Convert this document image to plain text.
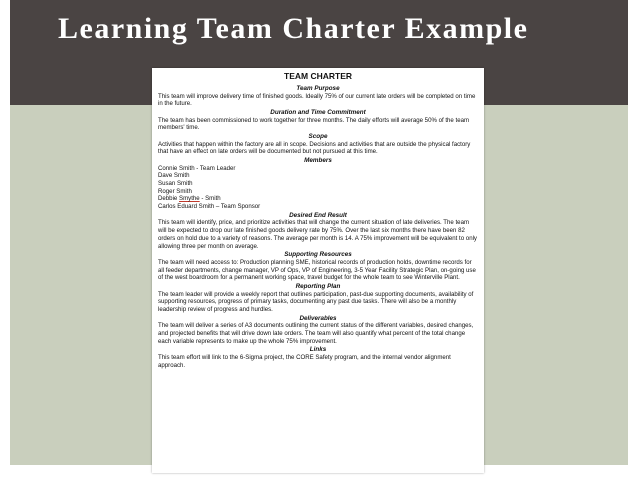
Learning Team Charter Example
TEAM CHARTER
Team Purpose
This team will improve delivery time of finished goods. Ideally 75% of our current late orders will be completed on time in the future.
Duration and Time Commitment
The team has been commissioned to work together for three months. The daily efforts will average 50% of the team members' time.
Scope
Activities that happen within the factory are all in scope. Decisions and activities that are outside the physical factory that have an effect on late orders will be documented but not pursued at this time.
Members
Connie Smith - Team Leader
Dave Smith
Susan Smith
Roger Smith
Debbie Smythe - Smith
Carlos Eduard Smith – Team Sponsor
Desired End Result
This team will identify, price, and prioritize activities that will change the current situation of late deliveries. The team will be expected to drop our late finished goods delivery rate by 75%. Over the last six months there have been 82 orders on hold due to a variety of reasons. The average per month is 14. A 75% improvement will be equivalent to only allowing three per month on average.
Supporting Resources
The team will need access to: Production planning SME, historical records of production holds, downtime records for all feeder departments, change manager, VP of Ops, VP of Engineering, 3-5 Year Facility Strategic Plan, on-going use of the west boardroom for a permanent working space, travel budget for the whole team to see Winterville Plant.
Reporting Plan
The team leader will provide a weekly report that outlines participation, past-due supporting documents, availability of supporting resources, progress of primary tasks, documenting any past due tasks. There will also be a monthly leadership review of progress and hurdles.
Deliverables
The team will deliver a series of A3 documents outlining the current status of the different variables, desired changes, and projected benefits that will drive down late orders. The team will also quantify what percent of the total change each variable represents to make up the whole 75% improvement.
Links
This team effort will link to the 6-Sigma project, the CORE Safety program, and the internal vendor alignment approach.
